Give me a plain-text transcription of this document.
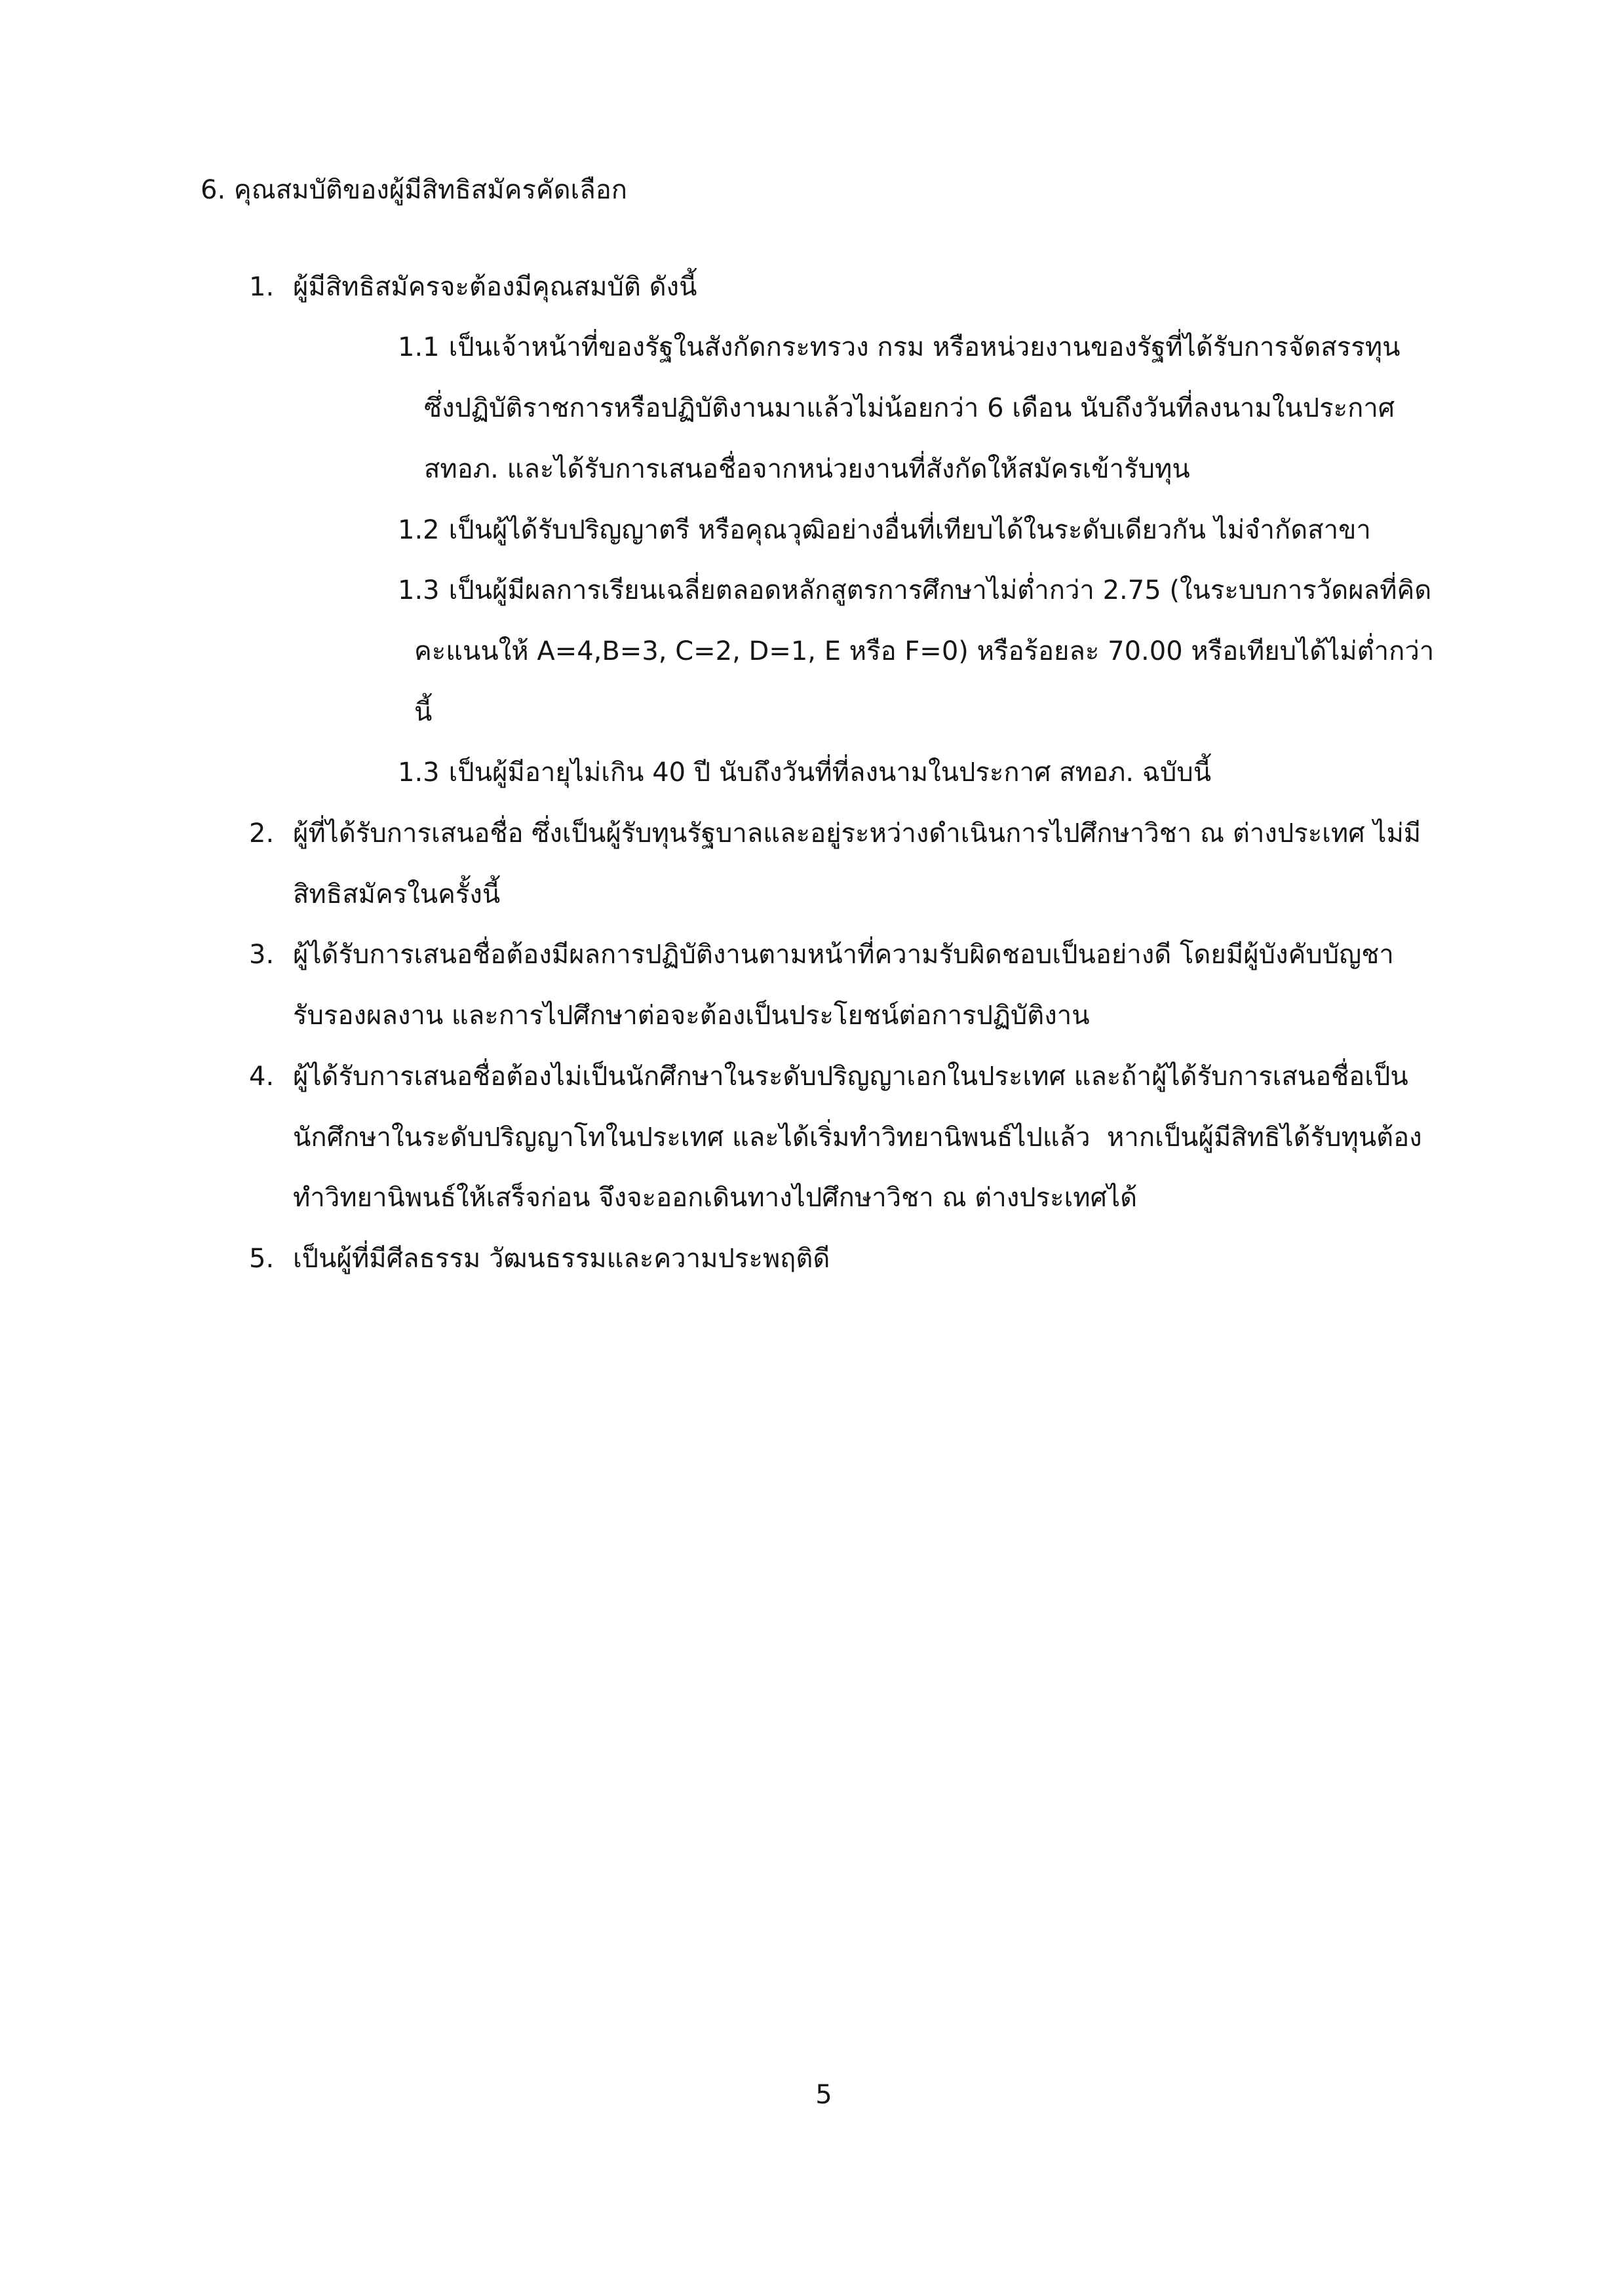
6. คุณสมบัติของผู้มีสิทธิสมัครคัดเลือก
1. ผู้มีสิทธิสมัครจะต้องมีคุณสมบัติ ดังนี้
1.1 เป็นเจ้าหน้าที่ของรัฐในสังกัดกระทรวง กรม หรือหน่วยงานของรัฐที่ได้รับการจัดสรรทุน
ซึ่งปฏิบัติราชการหรือปฏิบัติงานมาแล้วไม่น้อยกว่า 6 เดือน นับถึงวันที่ลงนามในประกาศ
สทอภ. และได้รับการเสนอชื่อจากหน่วยงานที่สังกัดให้สมัครเข้ารับทุน
1.2 เป็นผู้ได้รับปริญญาตรี หรือคุณวุฒิอย่างอื่นที่เทียบได้ในระดับเดียวกัน ไม่จำกัดสาขา
1.3 เป็นผู้มีผลการเรียนเฉลี่ยตลอดหลักสูตรการศึกษาไม่ต่ำกว่า 2.75 (ในระบบการวัดผลที่คิด
คะแนนให้ A=4,B=3, C=2, D=1, E หรือ F=0) หรือร้อยละ 70.00 หรือเทียบได้ไม่ต่ำกว่านี้
1.3 เป็นผู้มีอายุไม่เกิน 40 ปี นับถึงวันที่ที่ลงนามในประกาศ สทอภ. ฉบับนี้
2. ผู้ที่ได้รับการเสนอชื่อ ซึ่งเป็นผู้รับทุนรัฐบาลและอยู่ระหว่างดำเนินการไปศึกษาวิชา ณ ต่างประเทศ ไม่มี
สิทธิสมัครในครั้งนี้
3. ผู้ได้รับการเสนอชื่อต้องมีผลการปฏิบัติงานตามหน้าที่ความรับผิดชอบเป็นอย่างดี โดยมีผู้บังคับบัญชา
รับรองผลงาน และการไปศึกษาต่อจะต้องเป็นประโยชน์ต่อการปฏิบัติงาน
4. ผู้ได้รับการเสนอชื่อต้องไม่เป็นนักศึกษาในระดับปริญญาเอกในประเทศ และถ้าผู้ได้รับการเสนอชื่อเป็น
นักศึกษาในระดับปริญญาโทในประเทศ และได้เริ่มทำวิทยานิพนธ์ไปแล้ว  หากเป็นผู้มีสิทธิได้รับทุนต้อง
ทำวิทยานิพนธ์ให้เสร็จก่อน จึงจะออกเดินทางไปศึกษาวิชา ณ ต่างประเทศได้
5. เป็นผู้ที่มีศีลธรรม วัฒนธรรมและความประพฤติดี
5
